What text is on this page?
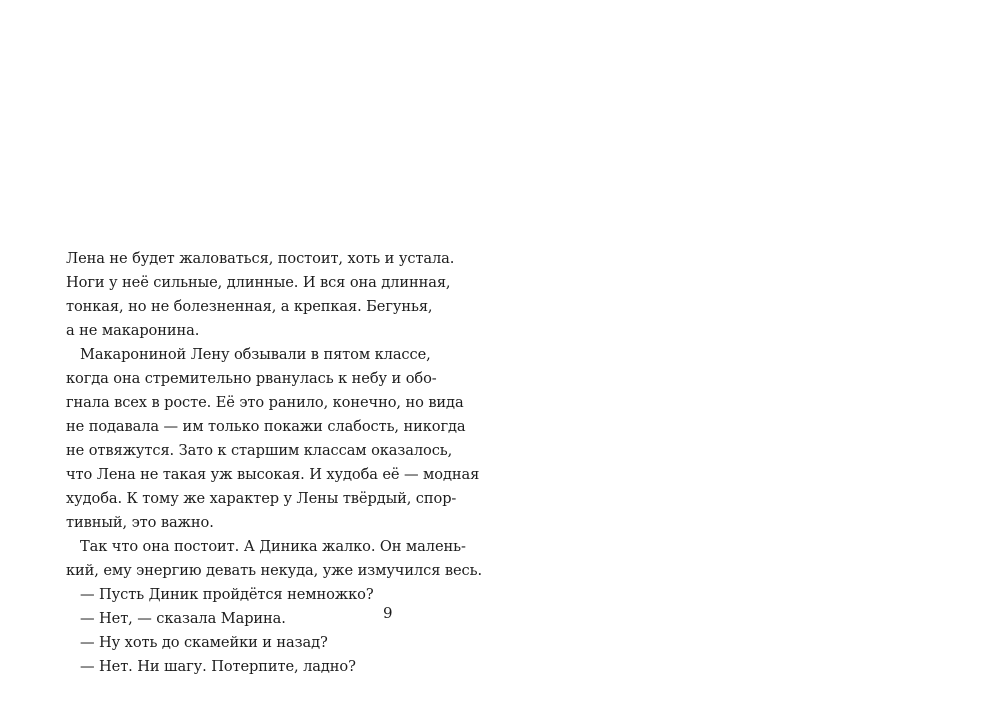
Лена не будет жаловаться, постоит, хоть и устала.
Ноги у неё сильные, длинные. И вся она длинная,
тонкая, но не болезненная, а крепкая. Бегунья,
а не макаронина.
Макарониной Лену обзывали в пятом классе,
когда она стремительно рванулась к небу и обо-
гнала всех в росте. Её это ранило, конечно, но вида
не подавала — им только покажи слабость, никогда
не отвяжутся. Зато к старшим классам оказалось,
что Лена не такая уж высокая. И худоба её — модная
худоба. К тому же характер у Лены твёрдый, спор-
тивный, это важно.
Так что она постоит. А Диника жалко. Он малень-
кий, ему энергию девать некуда, уже измучился весь.
— Пусть Диник пройдётся немножко?
— Нет, — сказала Марина.
— Ну хоть до скамейки и назад?
— Нет. Ни шагу. Потерпите, ладно?
9
